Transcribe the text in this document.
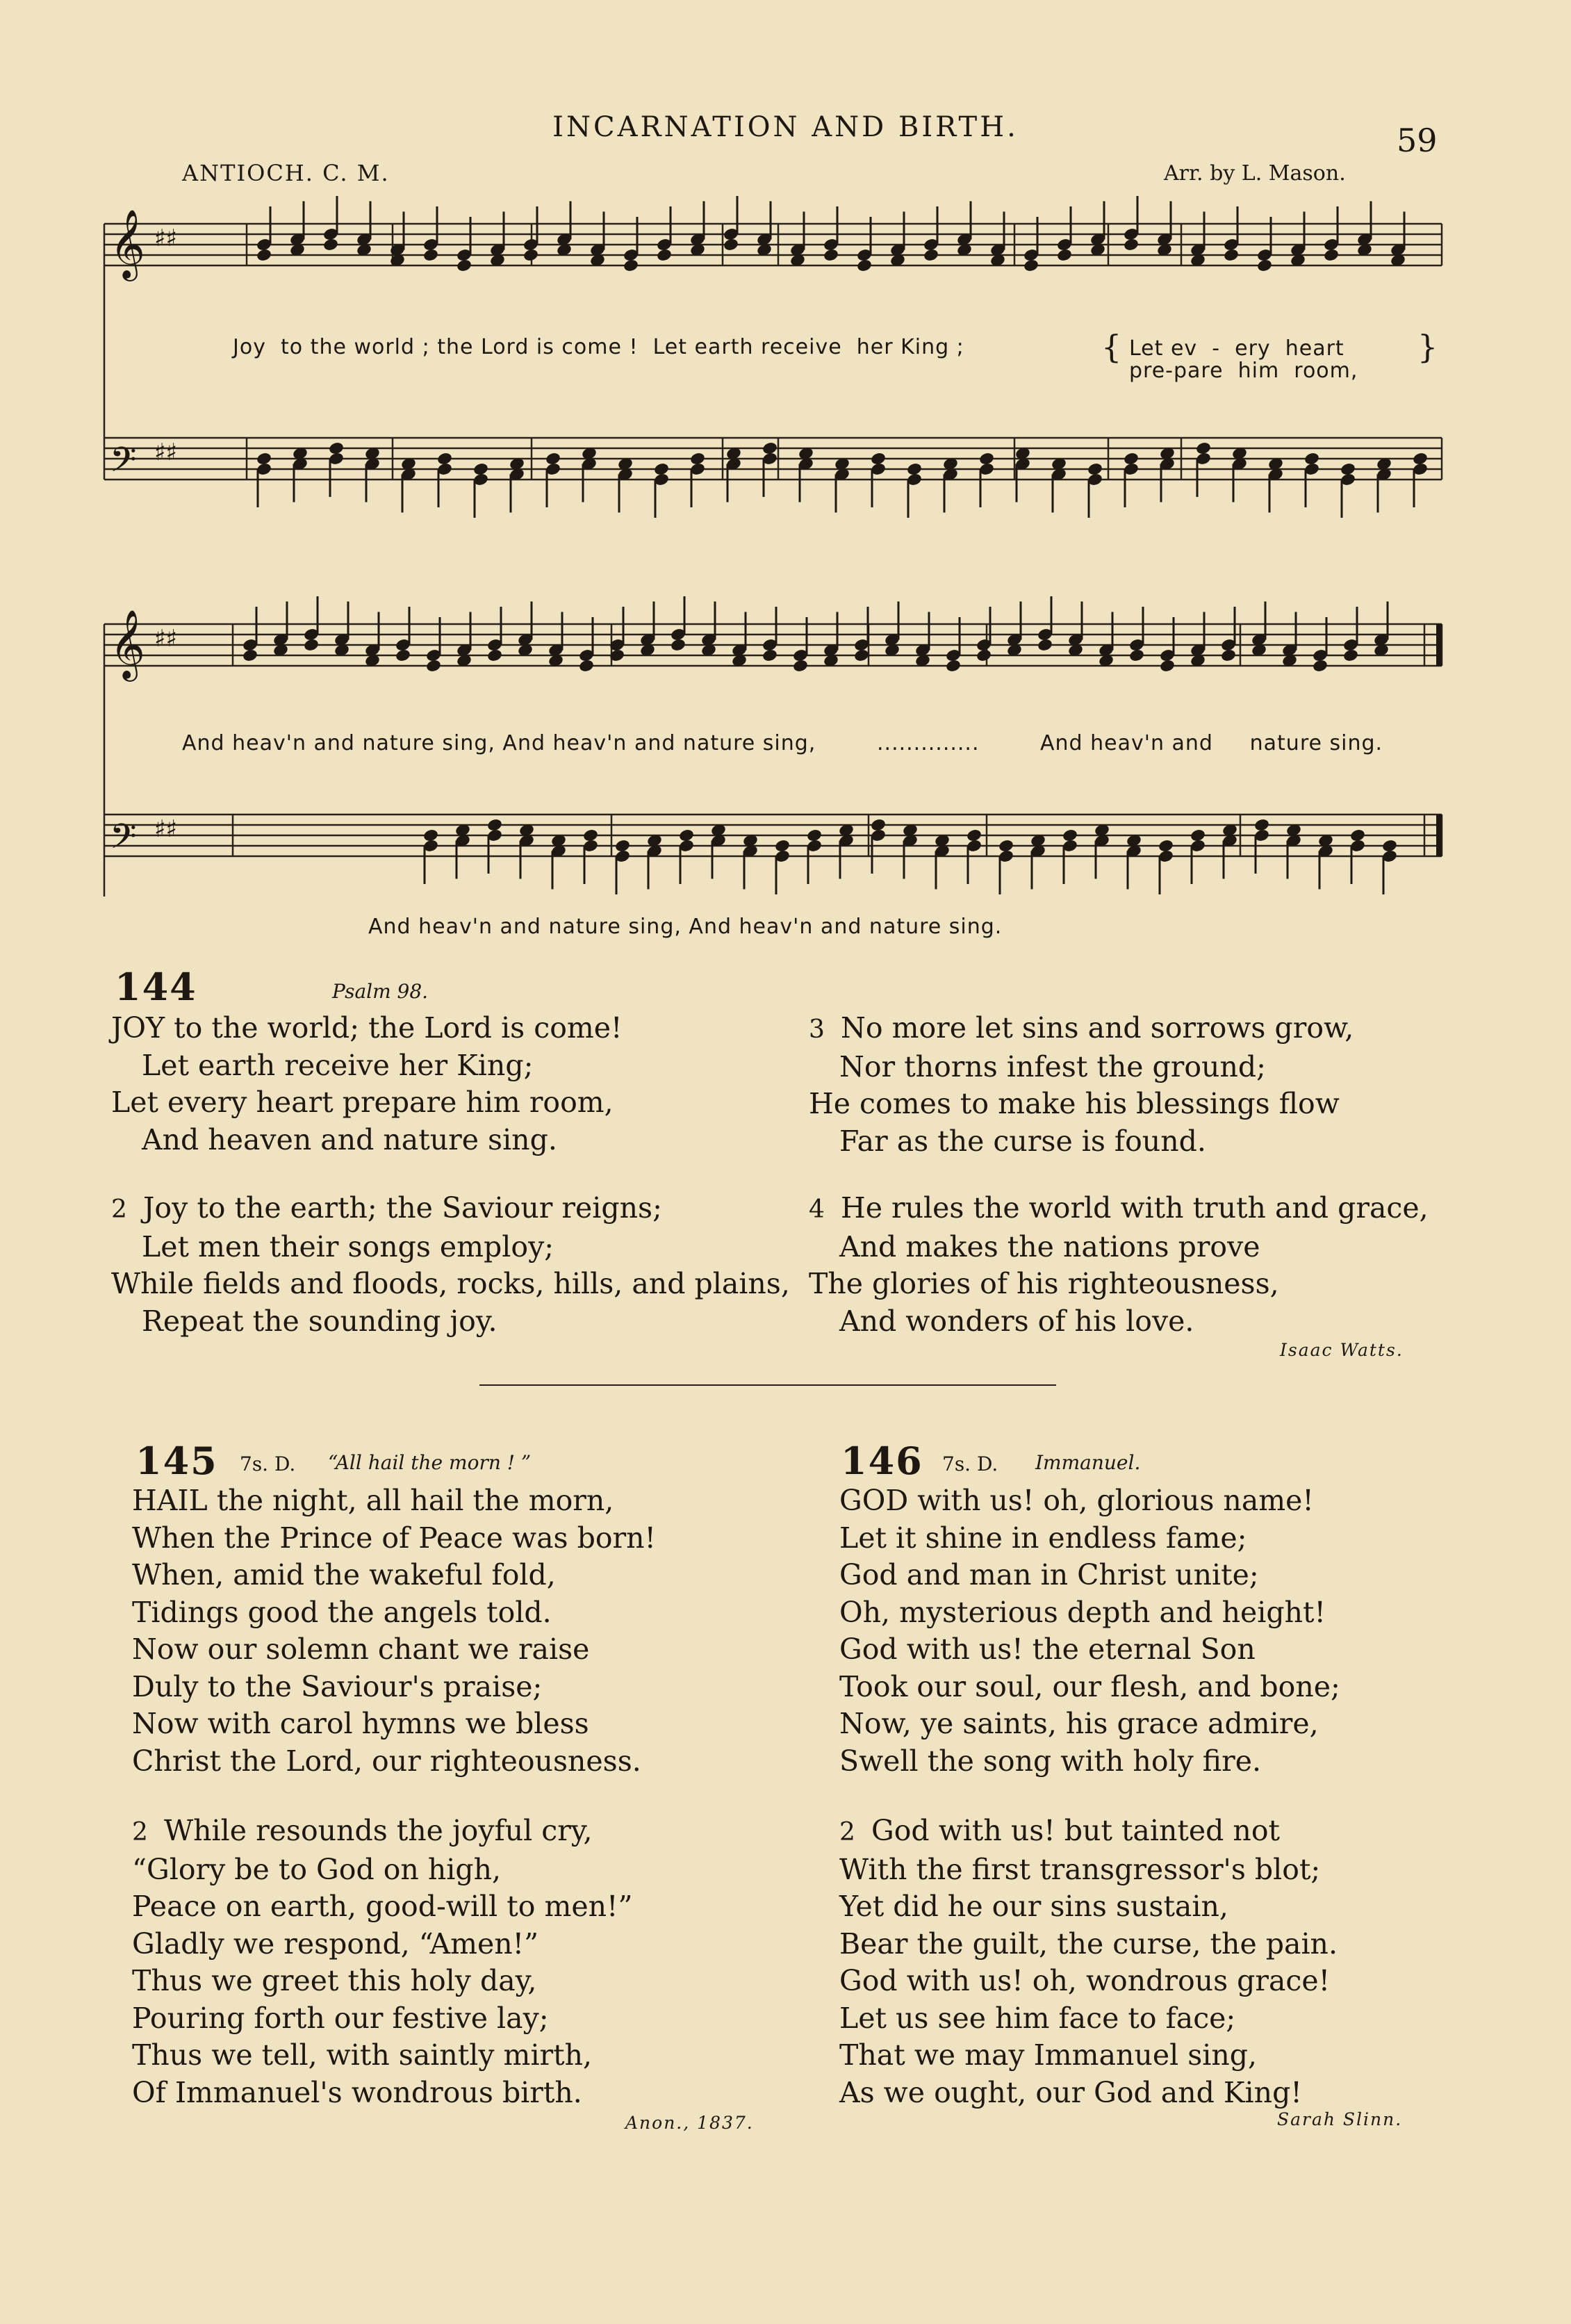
INCARNATION AND BIRTH.	59
ANTIOCH. C. M.	Arr. by L. Mason.
𝄞 ♯♯
𝄢 ♯♯
𝄞 ♯♯
𝄢 ♯♯
Joy  to the world ; the Lord is come !  Let earth receive  her King ;	{ Let ev  -  ery  heart
pre-pare  him  room,
}
And heav'n and nature sing, And heav'n and nature sing,	..............	And heav'n and     nature sing.
And heav'n and nature sing, And heav'n and nature sing.
144	Psalm 98.
JOY to the world; the Lord is come!
Let earth receive her King;
Let every heart prepare him room,
And heaven and nature sing.
2 Joy to the earth; the Saviour reigns;
Let men their songs employ;
While fields and floods, rocks, hills, and plains,
Repeat the sounding joy.
3 No more let sins and sorrows grow,
Nor thorns infest the ground;
He comes to make his blessings flow
Far as the curse is found.
4 He rules the world with truth and grace,
And makes the nations prove
The glories of his righteousness,
And wonders of his love.
Isaac Watts.
145 7s. D. “All hail the morn ! ”
HAIL the night, all hail the morn,
When the Prince of Peace was born!
When, amid the wakeful fold,
Tidings good the angels told.
Now our solemn chant we raise
Duly to the Saviour's praise;
Now with carol hymns we bless
Christ the Lord, our righteousness.
2 While resounds the joyful cry,
“Glory be to God on high,
Peace on earth, good-will to men!”
Gladly we respond, “Amen!”
Thus we greet this holy day,
Pouring forth our festive lay;
Thus we tell, with saintly mirth,
Of Immanuel's wondrous birth.
Anon., 1837.
146 7s. D. Immanuel.
GOD with us! oh, glorious name!
Let it shine in endless fame;
God and man in Christ unite;
Oh, mysterious depth and height!
God with us! the eternal Son
Took our soul, our flesh, and bone;
Now, ye saints, his grace admire,
Swell the song with holy fire.
2 God with us! but tainted not
With the first transgressor's blot;
Yet did he our sins sustain,
Bear the guilt, the curse, the pain.
God with us! oh, wondrous grace!
Let us see him face to face;
That we may Immanuel sing,
As we ought, our God and King!
Sarah Slinn.
